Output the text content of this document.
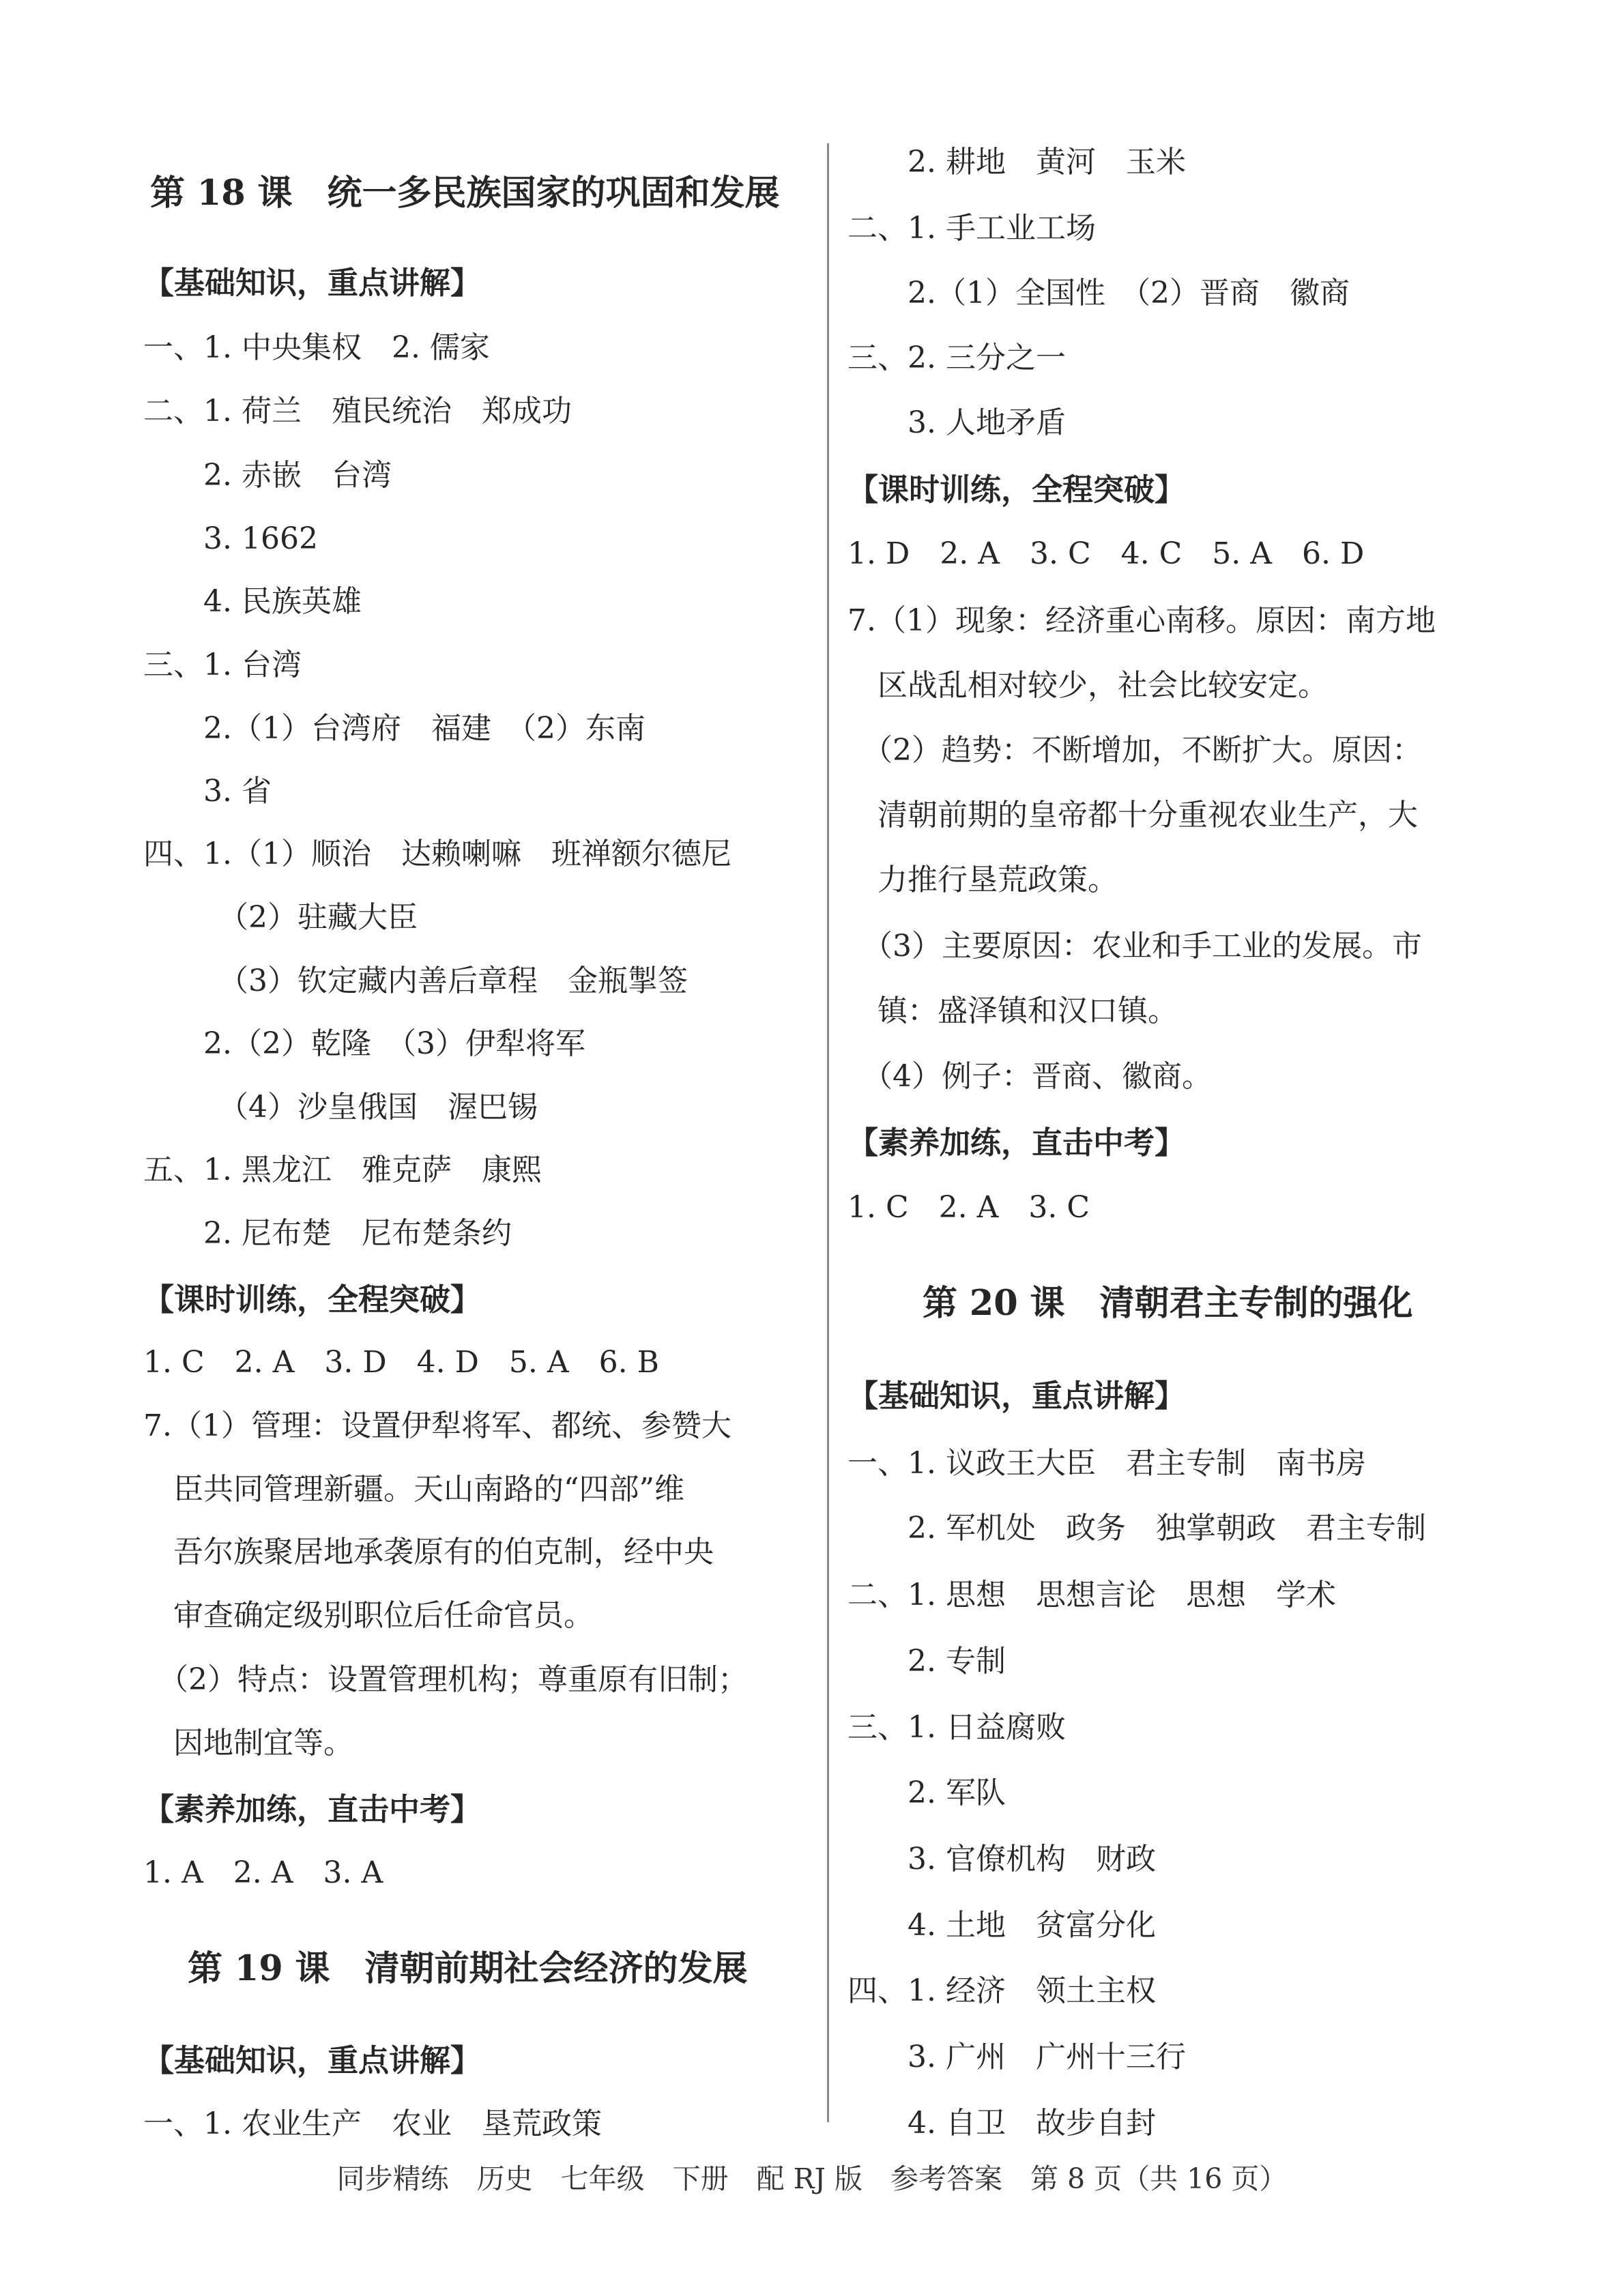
第 18 课　统一多民族国家的巩固和发展
【基础知识，重点讲解】
一、1. 中央集权　2. 儒家
二、1. 荷兰　殖民统治　郑成功
　　2. 赤嵌　台湾
　　3. 1662
　　4. 民族英雄
三、1. 台湾
　　2.（1）台湾府　福建　（2）东南
　　3. 省
四、1.（1）顺治　达赖喇嘛　班禅额尔德尼
　　　（2）驻藏大臣
　　　（3）钦定藏内善后章程　金瓶掣签
　　2.（2）乾隆　（3）伊犁将军
　　　（4）沙皇俄国　渥巴锡
五、1. 黑龙江　雅克萨　康熙
　　2. 尼布楚　尼布楚条约
【课时训练，全程突破】
1. C　2. A　3. D　4. D　5. A　6. B
7.（1）管理：设置伊犁将军、都统、参赞大
　臣共同管理新疆。天山南路的“四部”维
　吾尔族聚居地承袭原有的伯克制，经中央
　审查确定级别职位后任命官员。
　（2）特点：设置管理机构；尊重原有旧制；
　因地制宜等。
【素养加练，直击中考】
1. A　2. A　3. A
第 19 课　清朝前期社会经济的发展
【基础知识，重点讲解】
一、1. 农业生产　农业　垦荒政策
　　2. 耕地　黄河　玉米
二、1. 手工业工场
　　2.（1）全国性　（2）晋商　徽商
三、2. 三分之一
　　3. 人地矛盾
【课时训练，全程突破】
1. D　2. A　3. C　4. C　5. A　6. D
7.（1）现象：经济重心南移。原因：南方地
　区战乱相对较少，社会比较安定。
　（2）趋势：不断增加，不断扩大。原因：
　清朝前期的皇帝都十分重视农业生产，大
　力推行垦荒政策。
　（3）主要原因：农业和手工业的发展。市
　镇：盛泽镇和汉口镇。
　（4）例子：晋商、徽商。
【素养加练，直击中考】
1. C　2. A　3. C
第 20 课　清朝君主专制的强化
【基础知识，重点讲解】
一、1. 议政王大臣　君主专制　南书房
　　2. 军机处　政务　独掌朝政　君主专制
二、1. 思想　思想言论　思想　学术
　　2. 专制
三、1. 日益腐败
　　2. 军队
　　3. 官僚机构　财政
　　4. 土地　贫富分化
四、1. 经济　领土主权
　　3. 广州　广州十三行
　　4. 自卫　故步自封
同步精练　历史　七年级　下册　配 RJ 版　参考答案　第 8 页（共 16 页）
